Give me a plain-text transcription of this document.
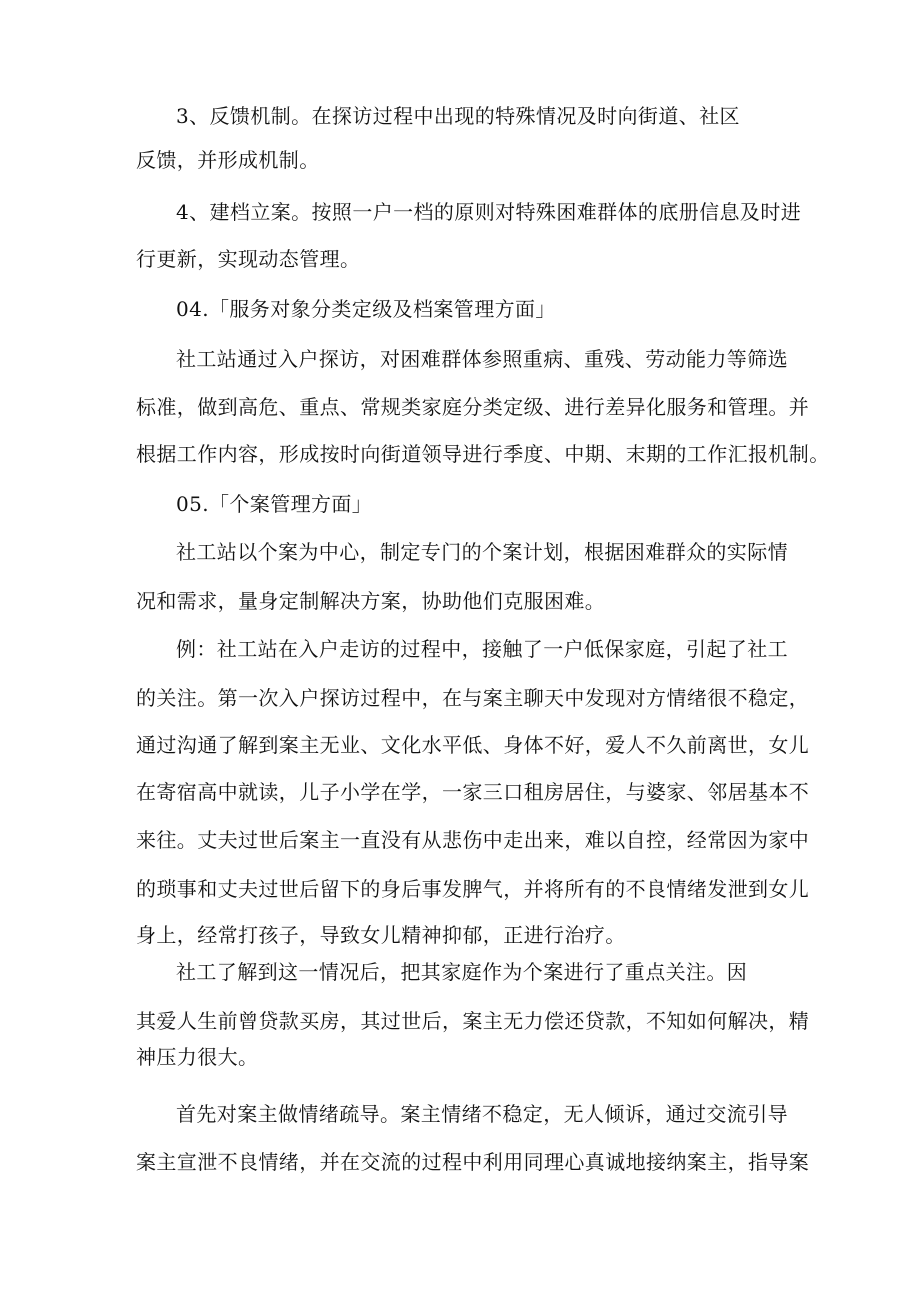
3、反馈机制。在探访过程中出现的特殊情况及时向街道、社区
反馈，并形成机制。
4、建档立案。按照一户一档的原则对特殊困难群体的底册信息及时进
行更新，实现动态管理。
04.「服务对象分类定级及档案管理方面」
社工站通过入户探访，对困难群体参照重病、重残、劳动能力等筛选
标准，做到高危、重点、常规类家庭分类定级、进行差异化服务和管理。并
根据工作内容，形成按时向街道领导进行季度、中期、末期的工作汇报机制。
05.「个案管理方面」
社工站以个案为中心，制定专门的个案计划，根据困难群众的实际情
况和需求，量身定制解决方案，协助他们克服困难。
例：社工站在入户走访的过程中，接触了一户低保家庭，引起了社工
的关注。第一次入户探访过程中，在与案主聊天中发现对方情绪很不稳定，
通过沟通了解到案主无业、文化水平低、身体不好，爱人不久前离世，女儿
在寄宿高中就读，儿子小学在学，一家三口租房居住，与婆家、邻居基本不
来往。丈夫过世后案主一直没有从悲伤中走出来，难以自控，经常因为家中
的琐事和丈夫过世后留下的身后事发脾气，并将所有的不良情绪发泄到女儿
身上，经常打孩子，导致女儿精神抑郁，正进行治疗。
社工了解到这一情况后，把其家庭作为个案进行了重点关注。因
其爱人生前曾贷款买房，其过世后，案主无力偿还贷款，不知如何解决，精
神压力很大。
首先对案主做情绪疏导。案主情绪不稳定，无人倾诉，通过交流引导
案主宣泄不良情绪，并在交流的过程中利用同理心真诚地接纳案主，指导案
